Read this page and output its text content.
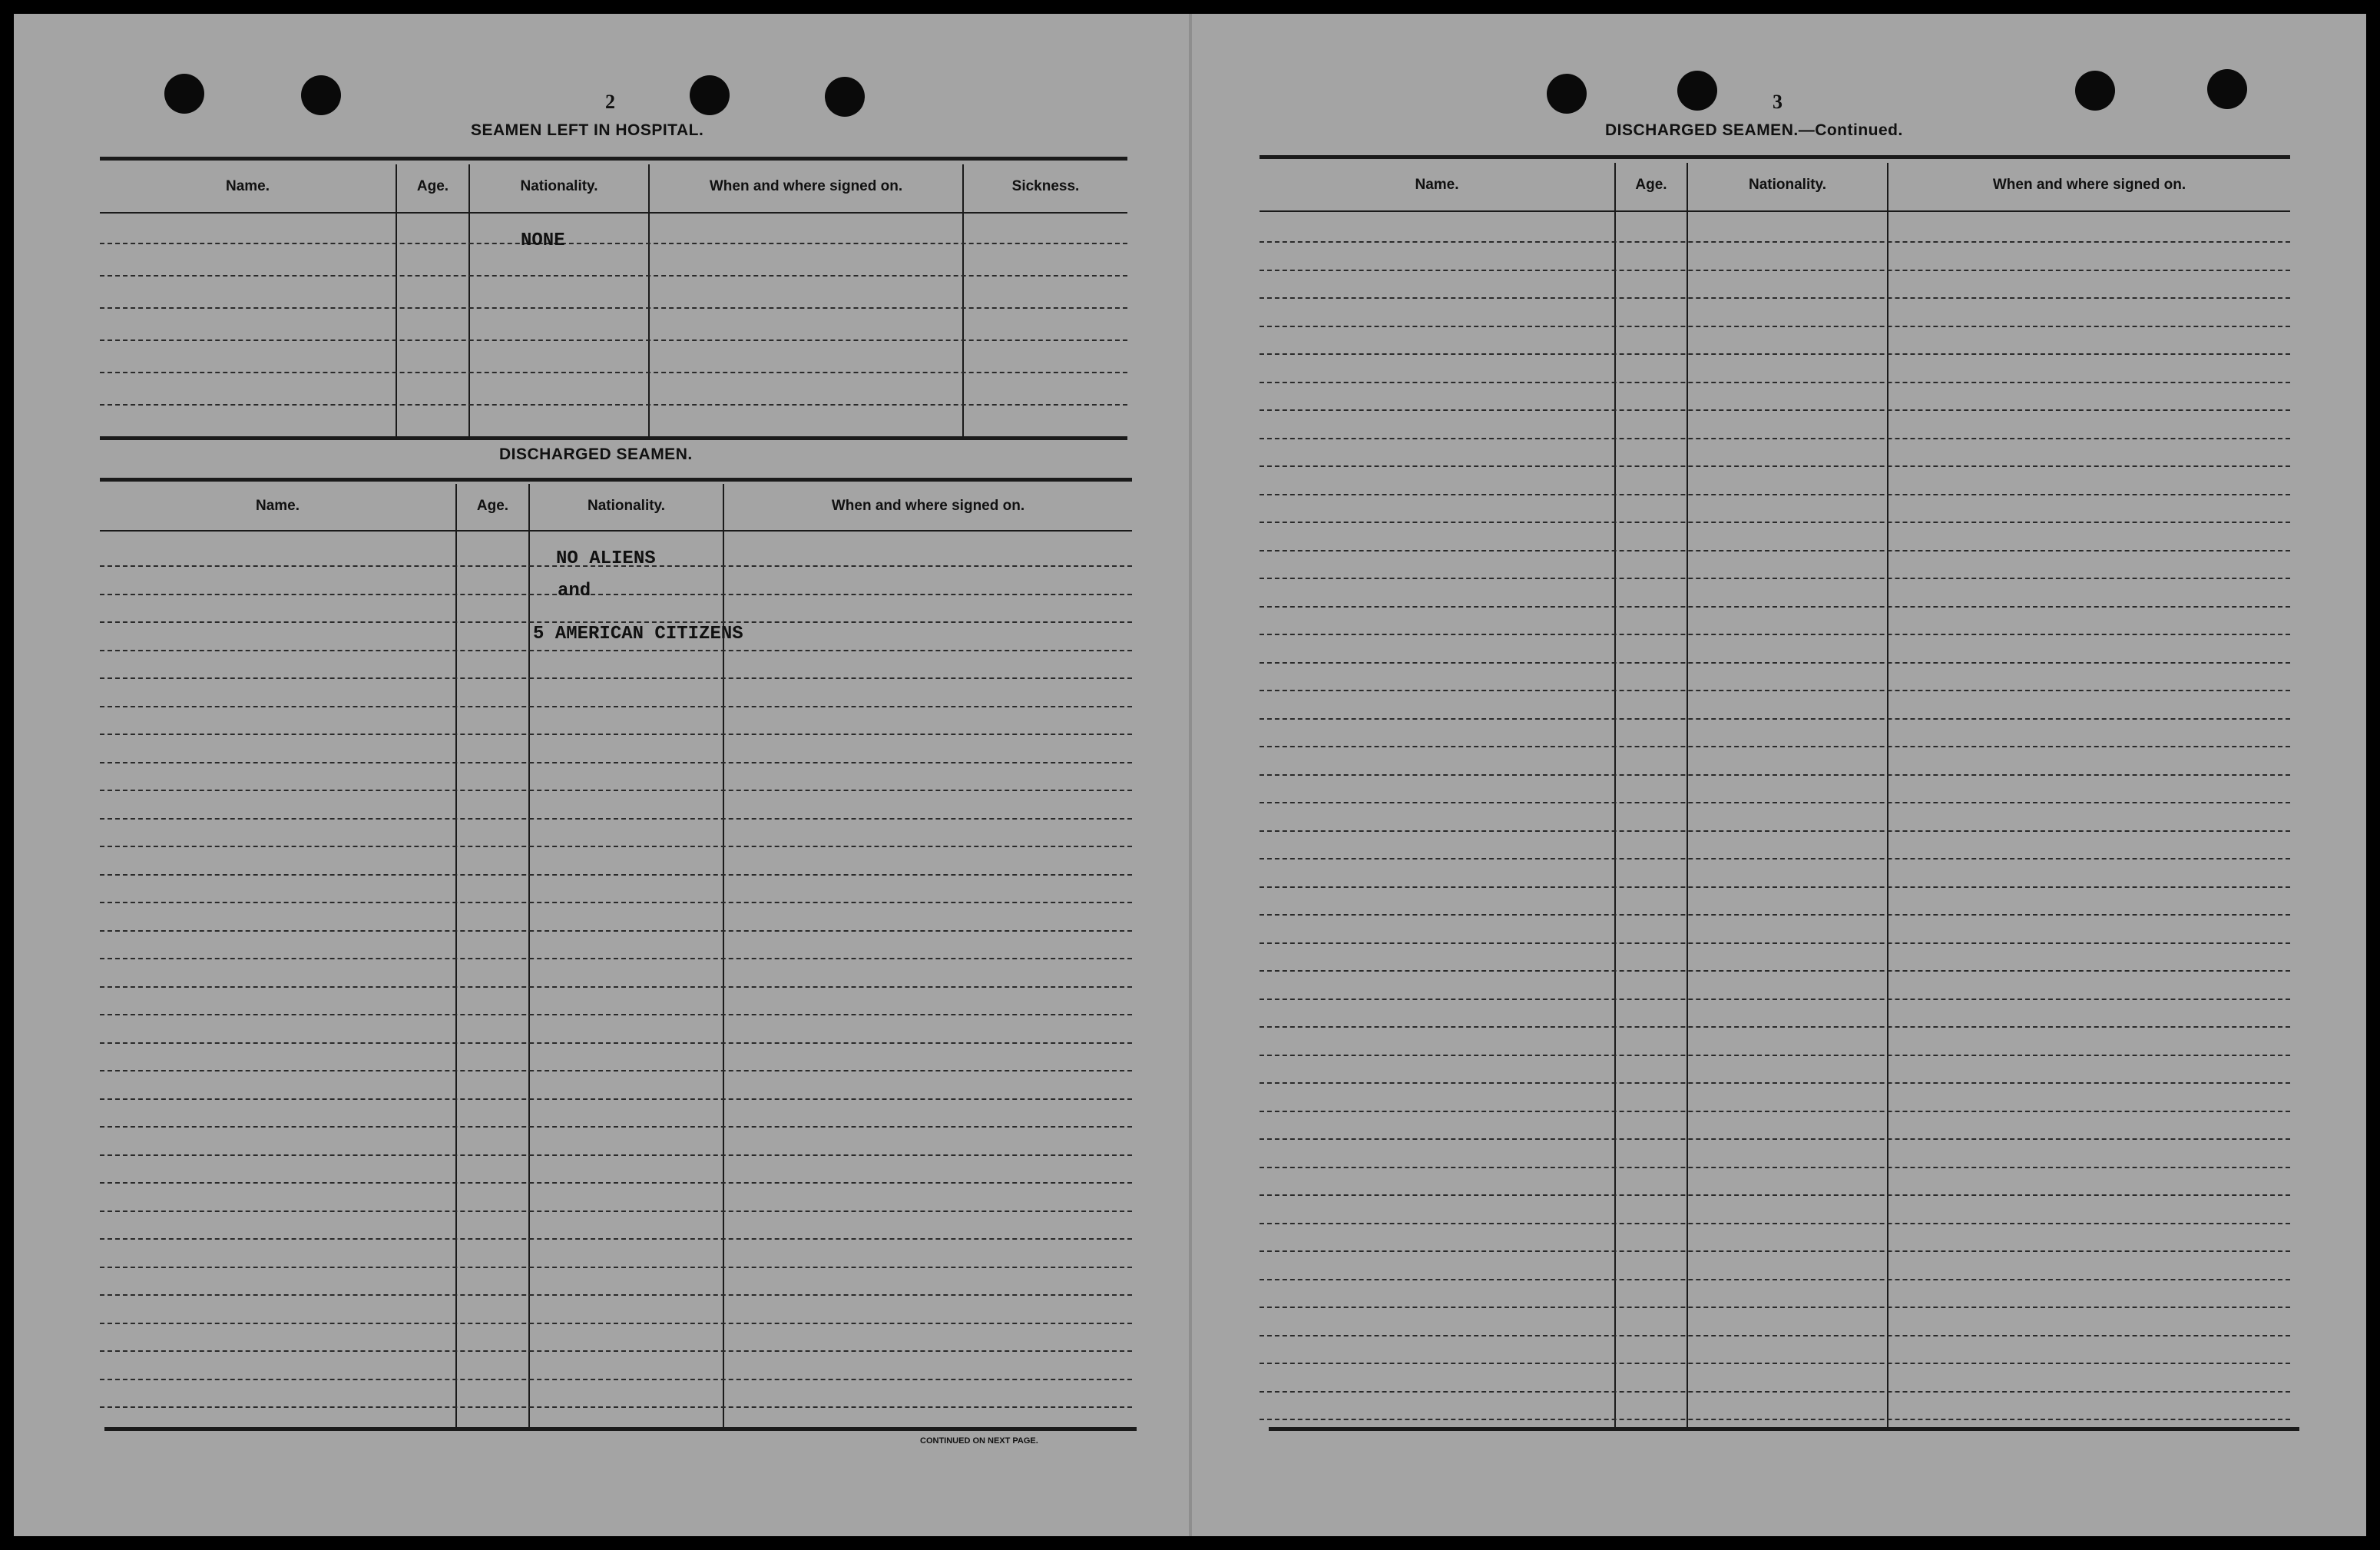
2
SEAMEN LEFT IN HOSPITAL.
Name.	Age.	Nationality.	When and where signed on.	Sickness.
NONE
DISCHARGED SEAMEN.
Name.	Age.	Nationality.	When and where signed on.
NO ALIENS
and
5 AMERICAN CITIZENS
CONTINUED ON NEXT PAGE.
3
DISCHARGED SEAMEN.—Continued.
Name.	Age.	Nationality.	When and where signed on.
